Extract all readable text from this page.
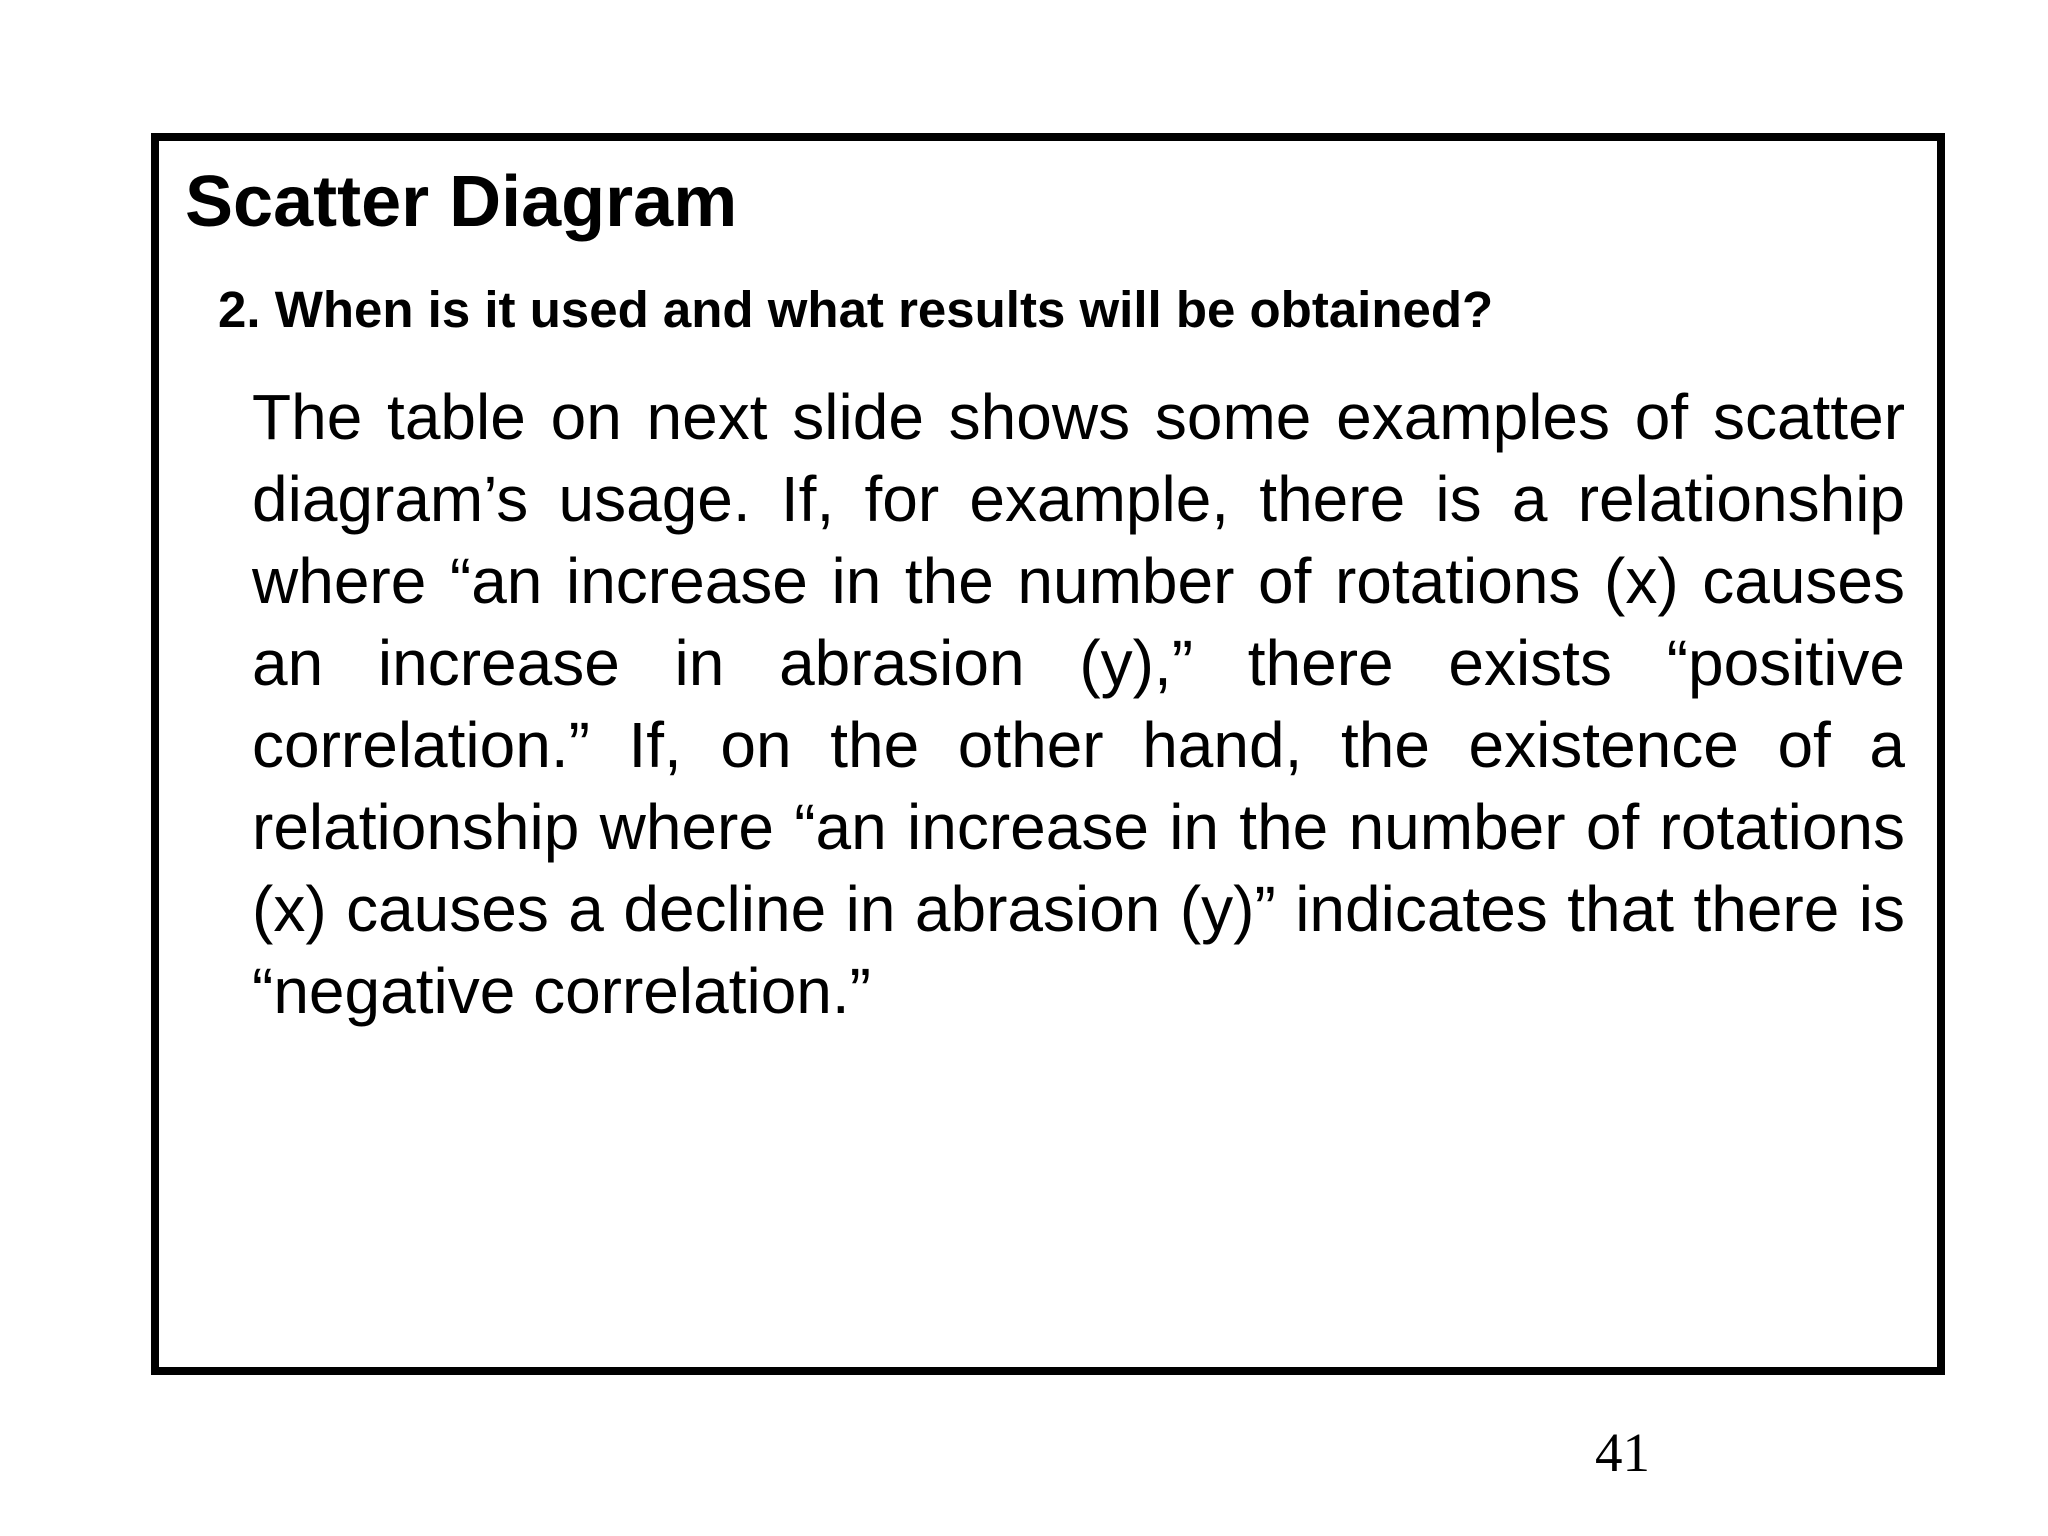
Scatter Diagram
2. When is it used and what results will be obtained?

The table on next slide shows some examples of scatter diagram’s usage. If, for example, there is a relationship where “an increase in the number of rotations (x) causes an increase in abrasion (y),” there exists “positive correlation.” If, on the other hand, the existence of a relationship where “an increase in the number of rotations (x) causes a decline in abrasion (y)” indicates that there is “negative correlation.”

41
